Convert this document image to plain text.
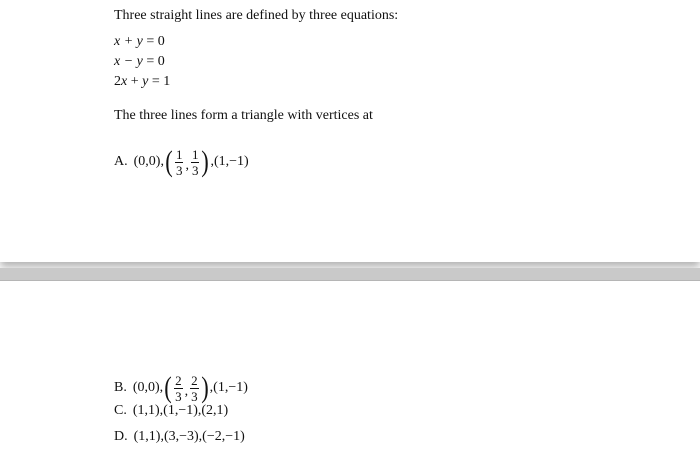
Three straight lines are defined by three equations:
x + y = 0
x − y = 0
2x + y = 1
The three lines form a triangle with vertices at
A. (0,0), ( $\frac{1}{3}$ , $\frac{1}{3}$ ) ,(1,−1)
B. (0,0), ( $\frac{2}{3}$ , $\frac{2}{3}$ ) ,(1,−1)
C. (1,1),(1,−1),(2,1)
D. (1,1),(3,−3),(−2,−1)
